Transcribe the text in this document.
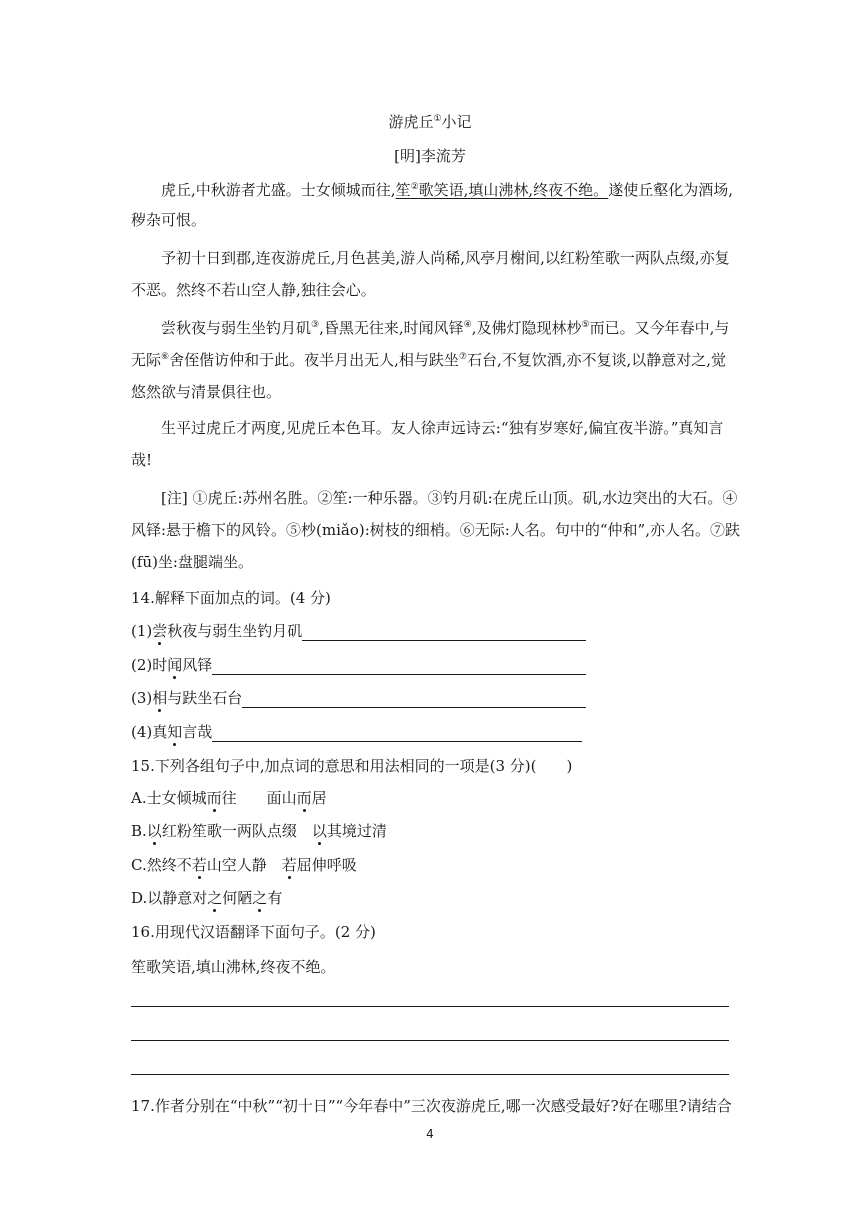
游虎丘①小记
[明]李流芳
虎丘,中秋游者尤盛。士女倾城而往,笙②歌笑语,填山沸林,终夜不绝。遂使丘壑化为酒场,
秽杂可恨。
予初十日到郡,连夜游虎丘,月色甚美,游人尚稀,风亭月榭间,以红粉笙歌一两队点缀,亦复
不恶。然终不若山空人静,独往会心。
尝秋夜与弱生坐钓月矶③,昏黑无往来,时闻风铎④,及佛灯隐现林杪⑤而已。又今年春中,与
无际⑥舍侄偕访仲和于此。夜半月出无人,相与趺坐⑦石台,不复饮酒,亦不复谈,以静意对之,觉
悠然欲与清景俱往也。
生平过虎丘才两度,见虎丘本色耳。友人徐声远诗云:“独有岁寒好,偏宜夜半游。”真知言
哉!
[注] ①虎丘:苏州名胜。②笙:一种乐器。③钓月矶:在虎丘山顶。矶,水边突出的大石。④
风铎:悬于檐下的风铃。⑤杪(miǎo):树枝的细梢。⑥无际:人名。句中的“仲和”,亦人名。⑦趺
(fū)坐:盘腿端坐。
14.解释下面加点的词。(4 分)
(1)尝秋夜与弱生坐钓月矶
(2)时闻风铎
(3)相与趺坐石台
(4)真知言哉
15.下列各组句子中,加点词的意思和用法相同的一项是(3 分)(　　)
A.士女倾城而往 面山而居
B.以红粉笙歌一两队点缀 以其境过清
C.然终不若山空人静 若屈伸呼吸
D.以静意对之何陋之有
16.用现代汉语翻译下面句子。(2 分)
笙歌笑语,填山沸林,终夜不绝。
17.作者分别在“中秋”“初十日”“今年春中”三次夜游虎丘,哪一次感受最好?好在哪里?请结合
4
